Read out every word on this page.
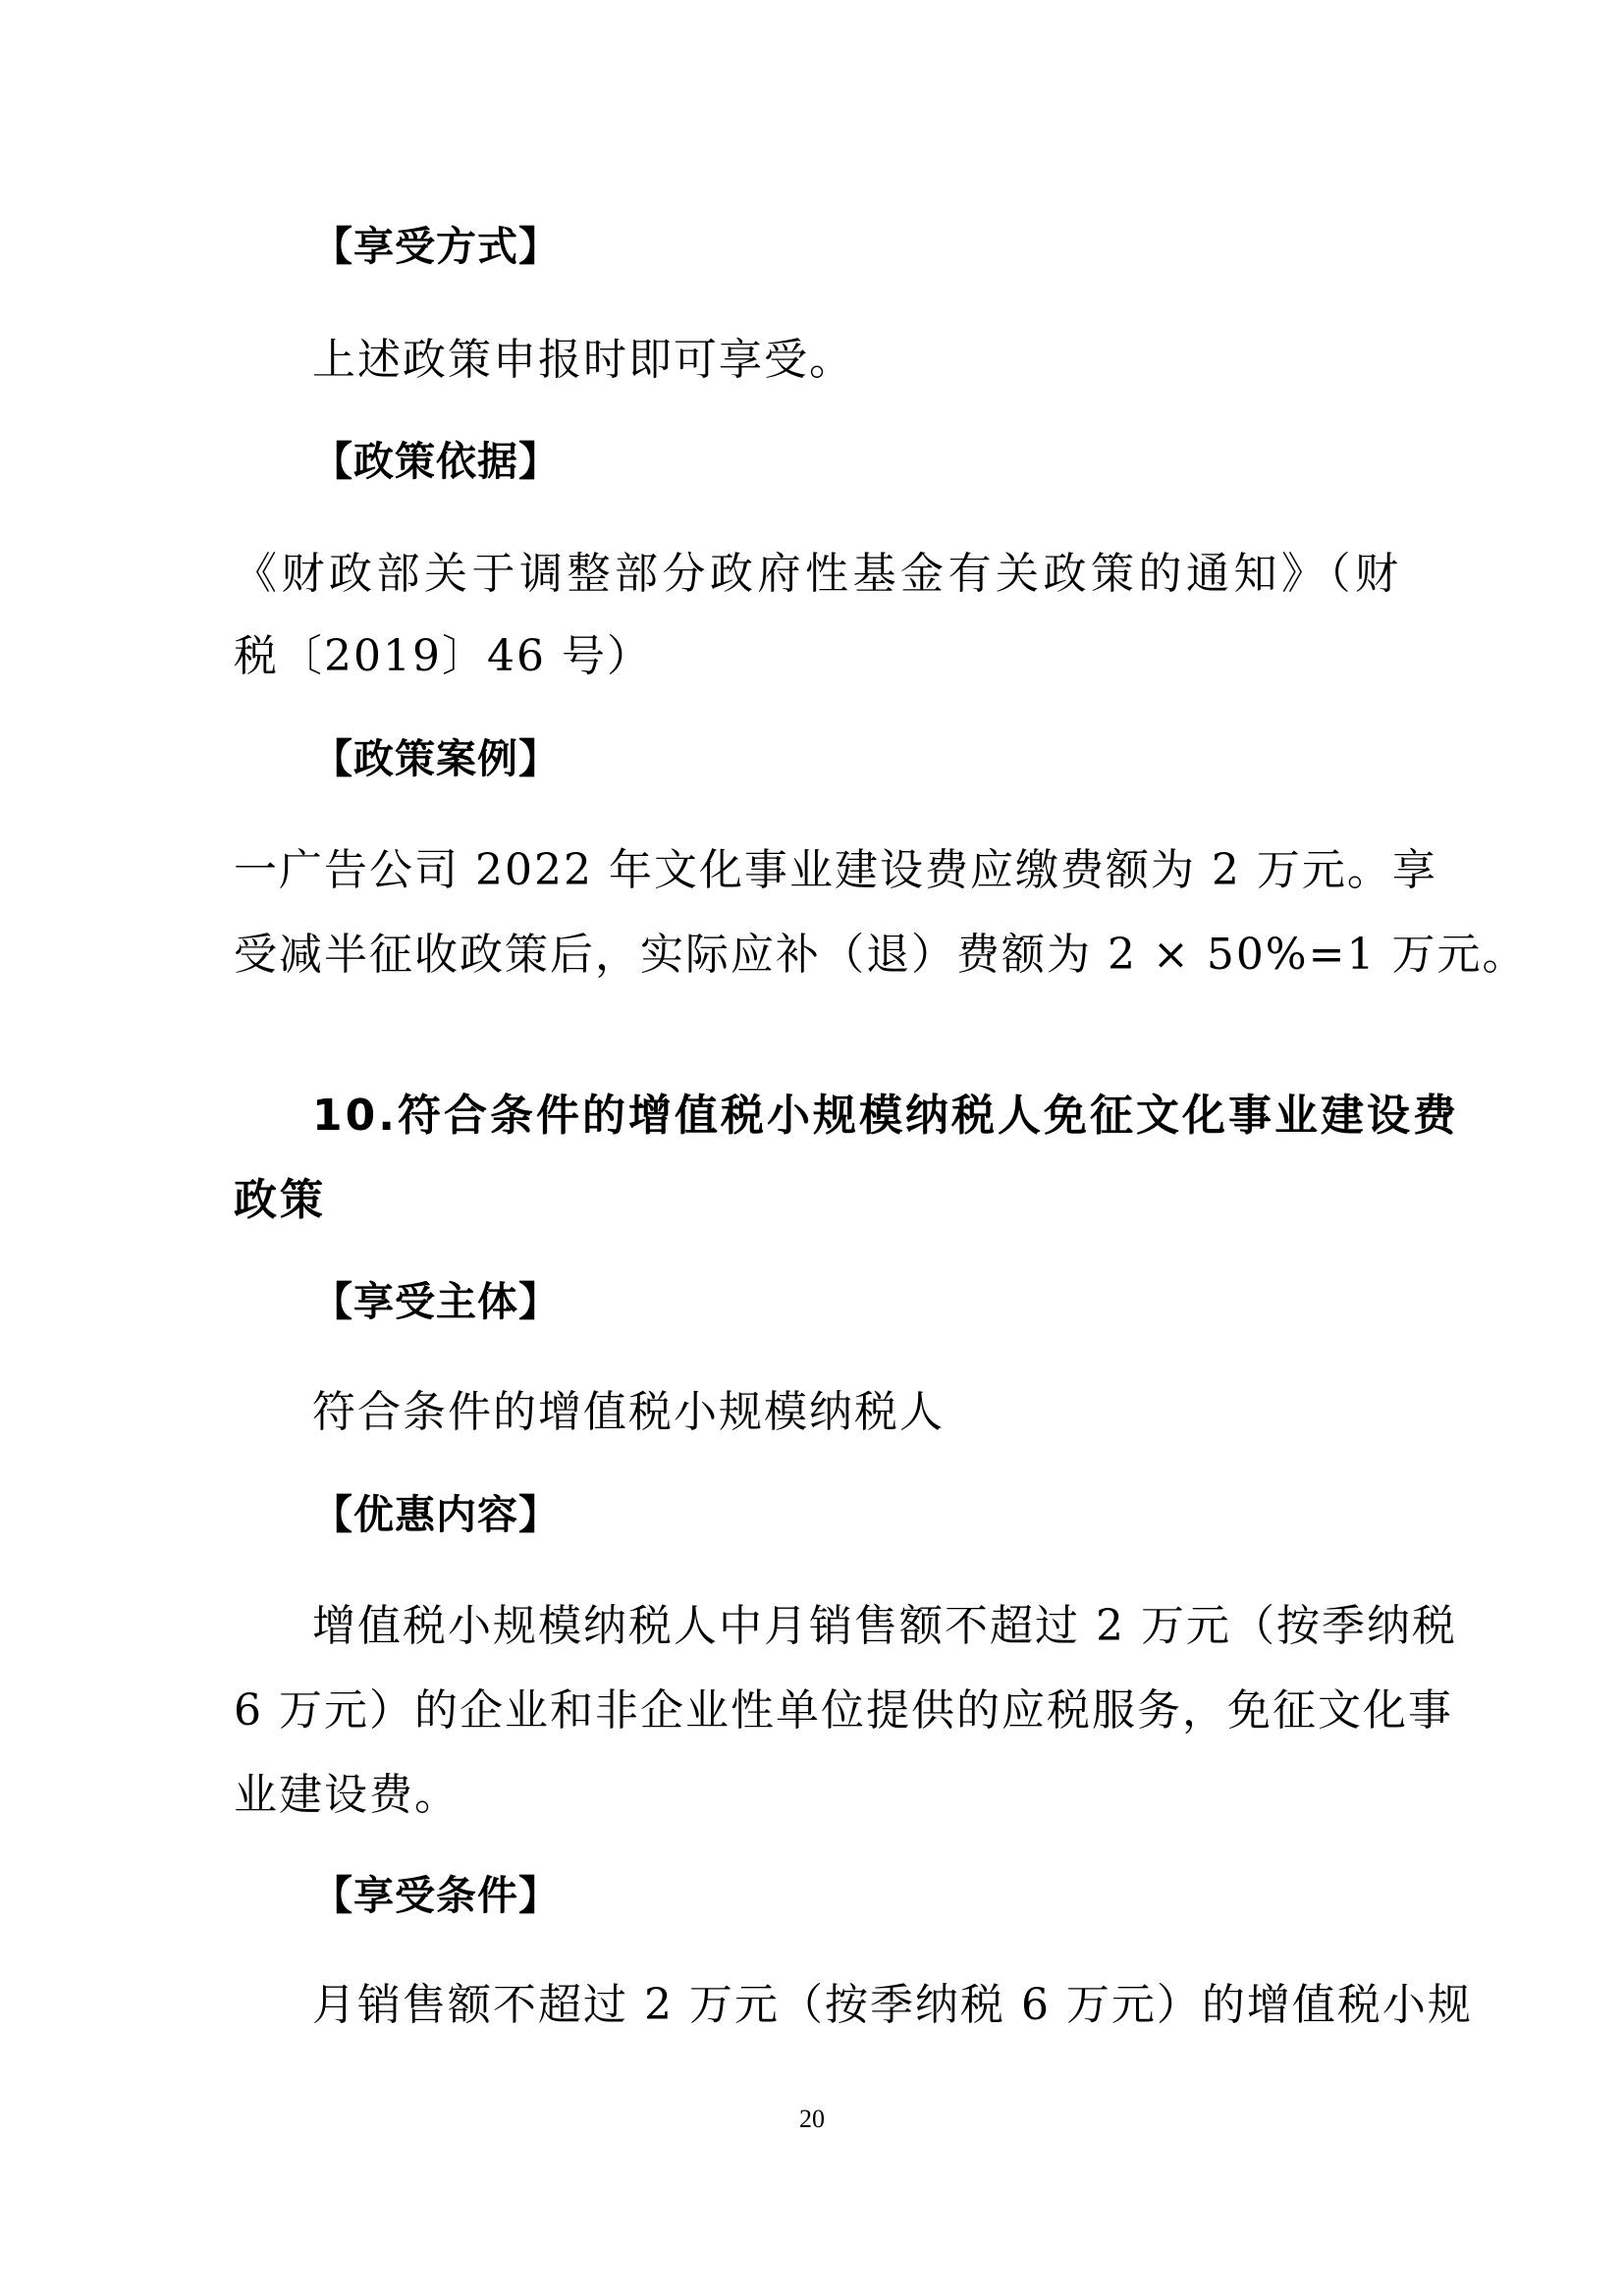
【享受方式】
上述政策申报时即可享受。
【政策依据】
《财政部关于调整部分政府性基金有关政策的通知》（财
税〔2019〕46 号）
【政策案例】
一广告公司 2022 年文化事业建设费应缴费额为 2 万元。享
受减半征收政策后，实际应补（退）费额为 2 × 50%=1 万元。
10.符合条件的增值税小规模纳税人免征文化事业建设费
政策
【享受主体】
符合条件的增值税小规模纳税人
【优惠内容】
增值税小规模纳税人中月销售额不超过 2 万元（按季纳税
6 万元）的企业和非企业性单位提供的应税服务，免征文化事
业建设费。
【享受条件】
月销售额不超过 2 万元（按季纳税 6 万元）的增值税小规
20
